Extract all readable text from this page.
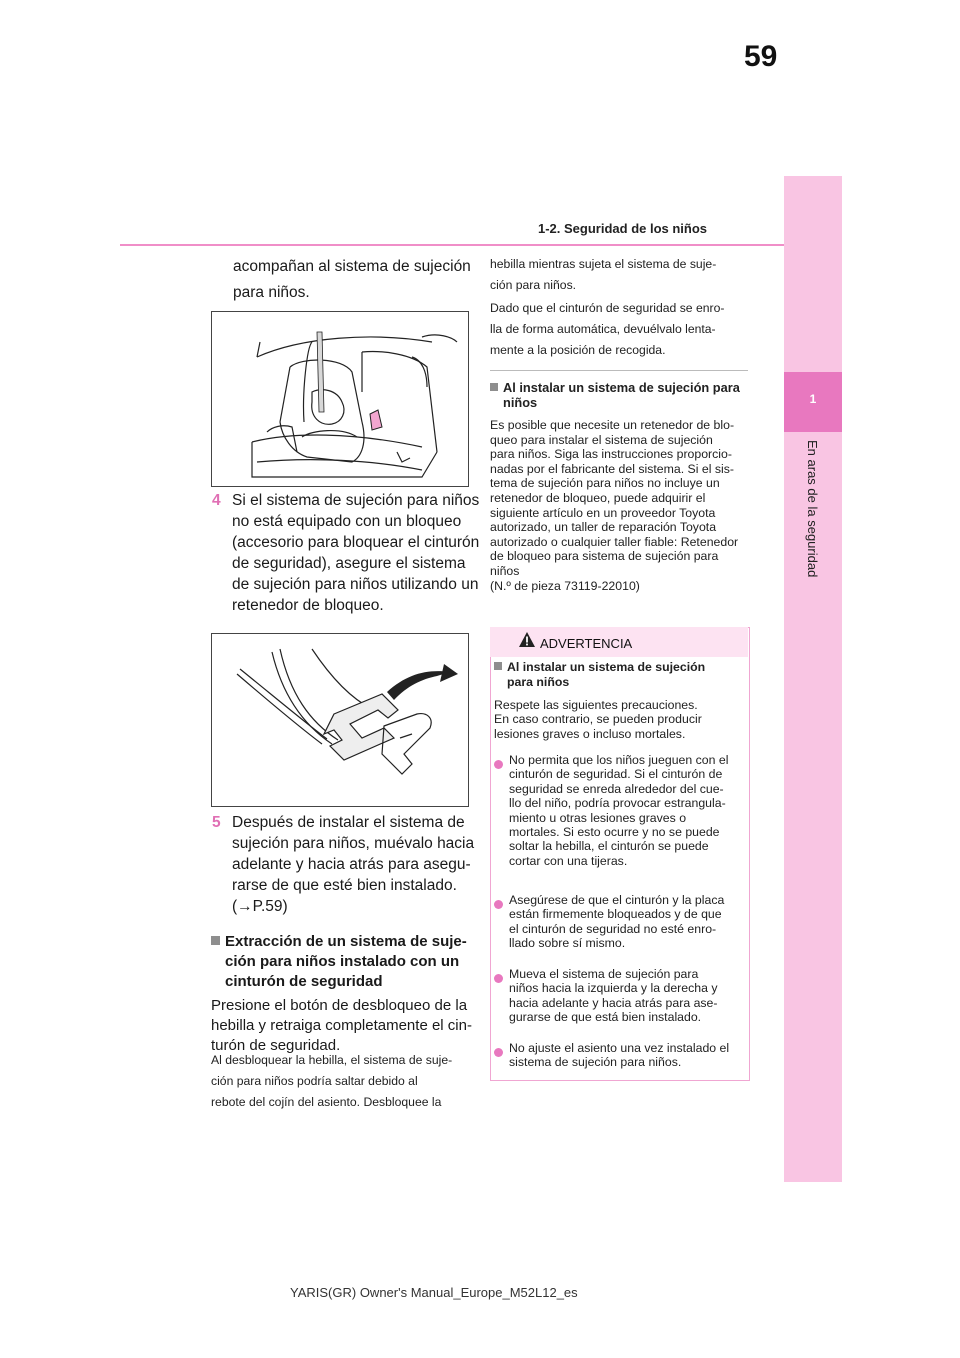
59
1-2. Seguridad de los niños
1
En aras de la seguridad
acompañan al sistema de sujeción
para niños.
4 Si el sistema de sujeción para niños
no está equipado con un bloqueo
(accesorio para bloquear el cinturón
de seguridad), asegure el sistema
de sujeción para niños utilizando un
retenedor de bloqueo.
5 Después de instalar el sistema de
sujeción para niños, muévalo hacia
adelante y hacia atrás para asegu-
rarse de que esté bien instalado.
(→P.59)
Extracción de un sistema de suje-
ción para niños instalado con un
cinturón de seguridad
Presione el botón de desbloqueo de la
hebilla y retraiga completamente el cin-
turón de seguridad.
Al desbloquear la hebilla, el sistema de suje-
ción para niños podría saltar debido al
rebote del cojín del asiento. Desbloquee la
hebilla mientras sujeta el sistema de suje-
ción para niños.
Dado que el cinturón de seguridad se enro-
lla de forma automática, devuélvalo lenta-
mente a la posición de recogida.
Al instalar un sistema de sujeción para
niños
Es posible que necesite un retenedor de blo-
queo para instalar el sistema de sujeción
para niños. Siga las instrucciones proporcio-
nadas por el fabricante del sistema. Si el sis-
tema de sujeción para niños no incluye un
retenedor de bloqueo, puede adquirir el
siguiente artículo en un proveedor Toyota
autorizado, un taller de reparación Toyota
autorizado o cualquier taller fiable: Retenedor
de bloqueo para sistema de sujeción para
niños
(N.º de pieza 73119-22010)
ADVERTENCIA
Al instalar un sistema de sujeción
para niños
Respete las siguientes precauciones.
En caso contrario, se pueden producir
lesiones graves o incluso mortales.
No permita que los niños jueguen con el
cinturón de seguridad. Si el cinturón de
seguridad se enreda alrededor del cue-
llo del niño, podría provocar estrangula-
miento u otras lesiones graves o
mortales. Si esto ocurre y no se puede
soltar la hebilla, el cinturón se puede
cortar con una tijeras.
Asegúrese de que el cinturón y la placa
están firmemente bloqueados y de que
el cinturón de seguridad no esté enro-
llado sobre sí mismo.
Mueva el sistema de sujeción para
niños hacia la izquierda y la derecha y
hacia adelante y hacia atrás para ase-
gurarse de que está bien instalado.
No ajuste el asiento una vez instalado el
sistema de sujeción para niños.
YARIS(GR) Owner's Manual_Europe_M52L12_es
